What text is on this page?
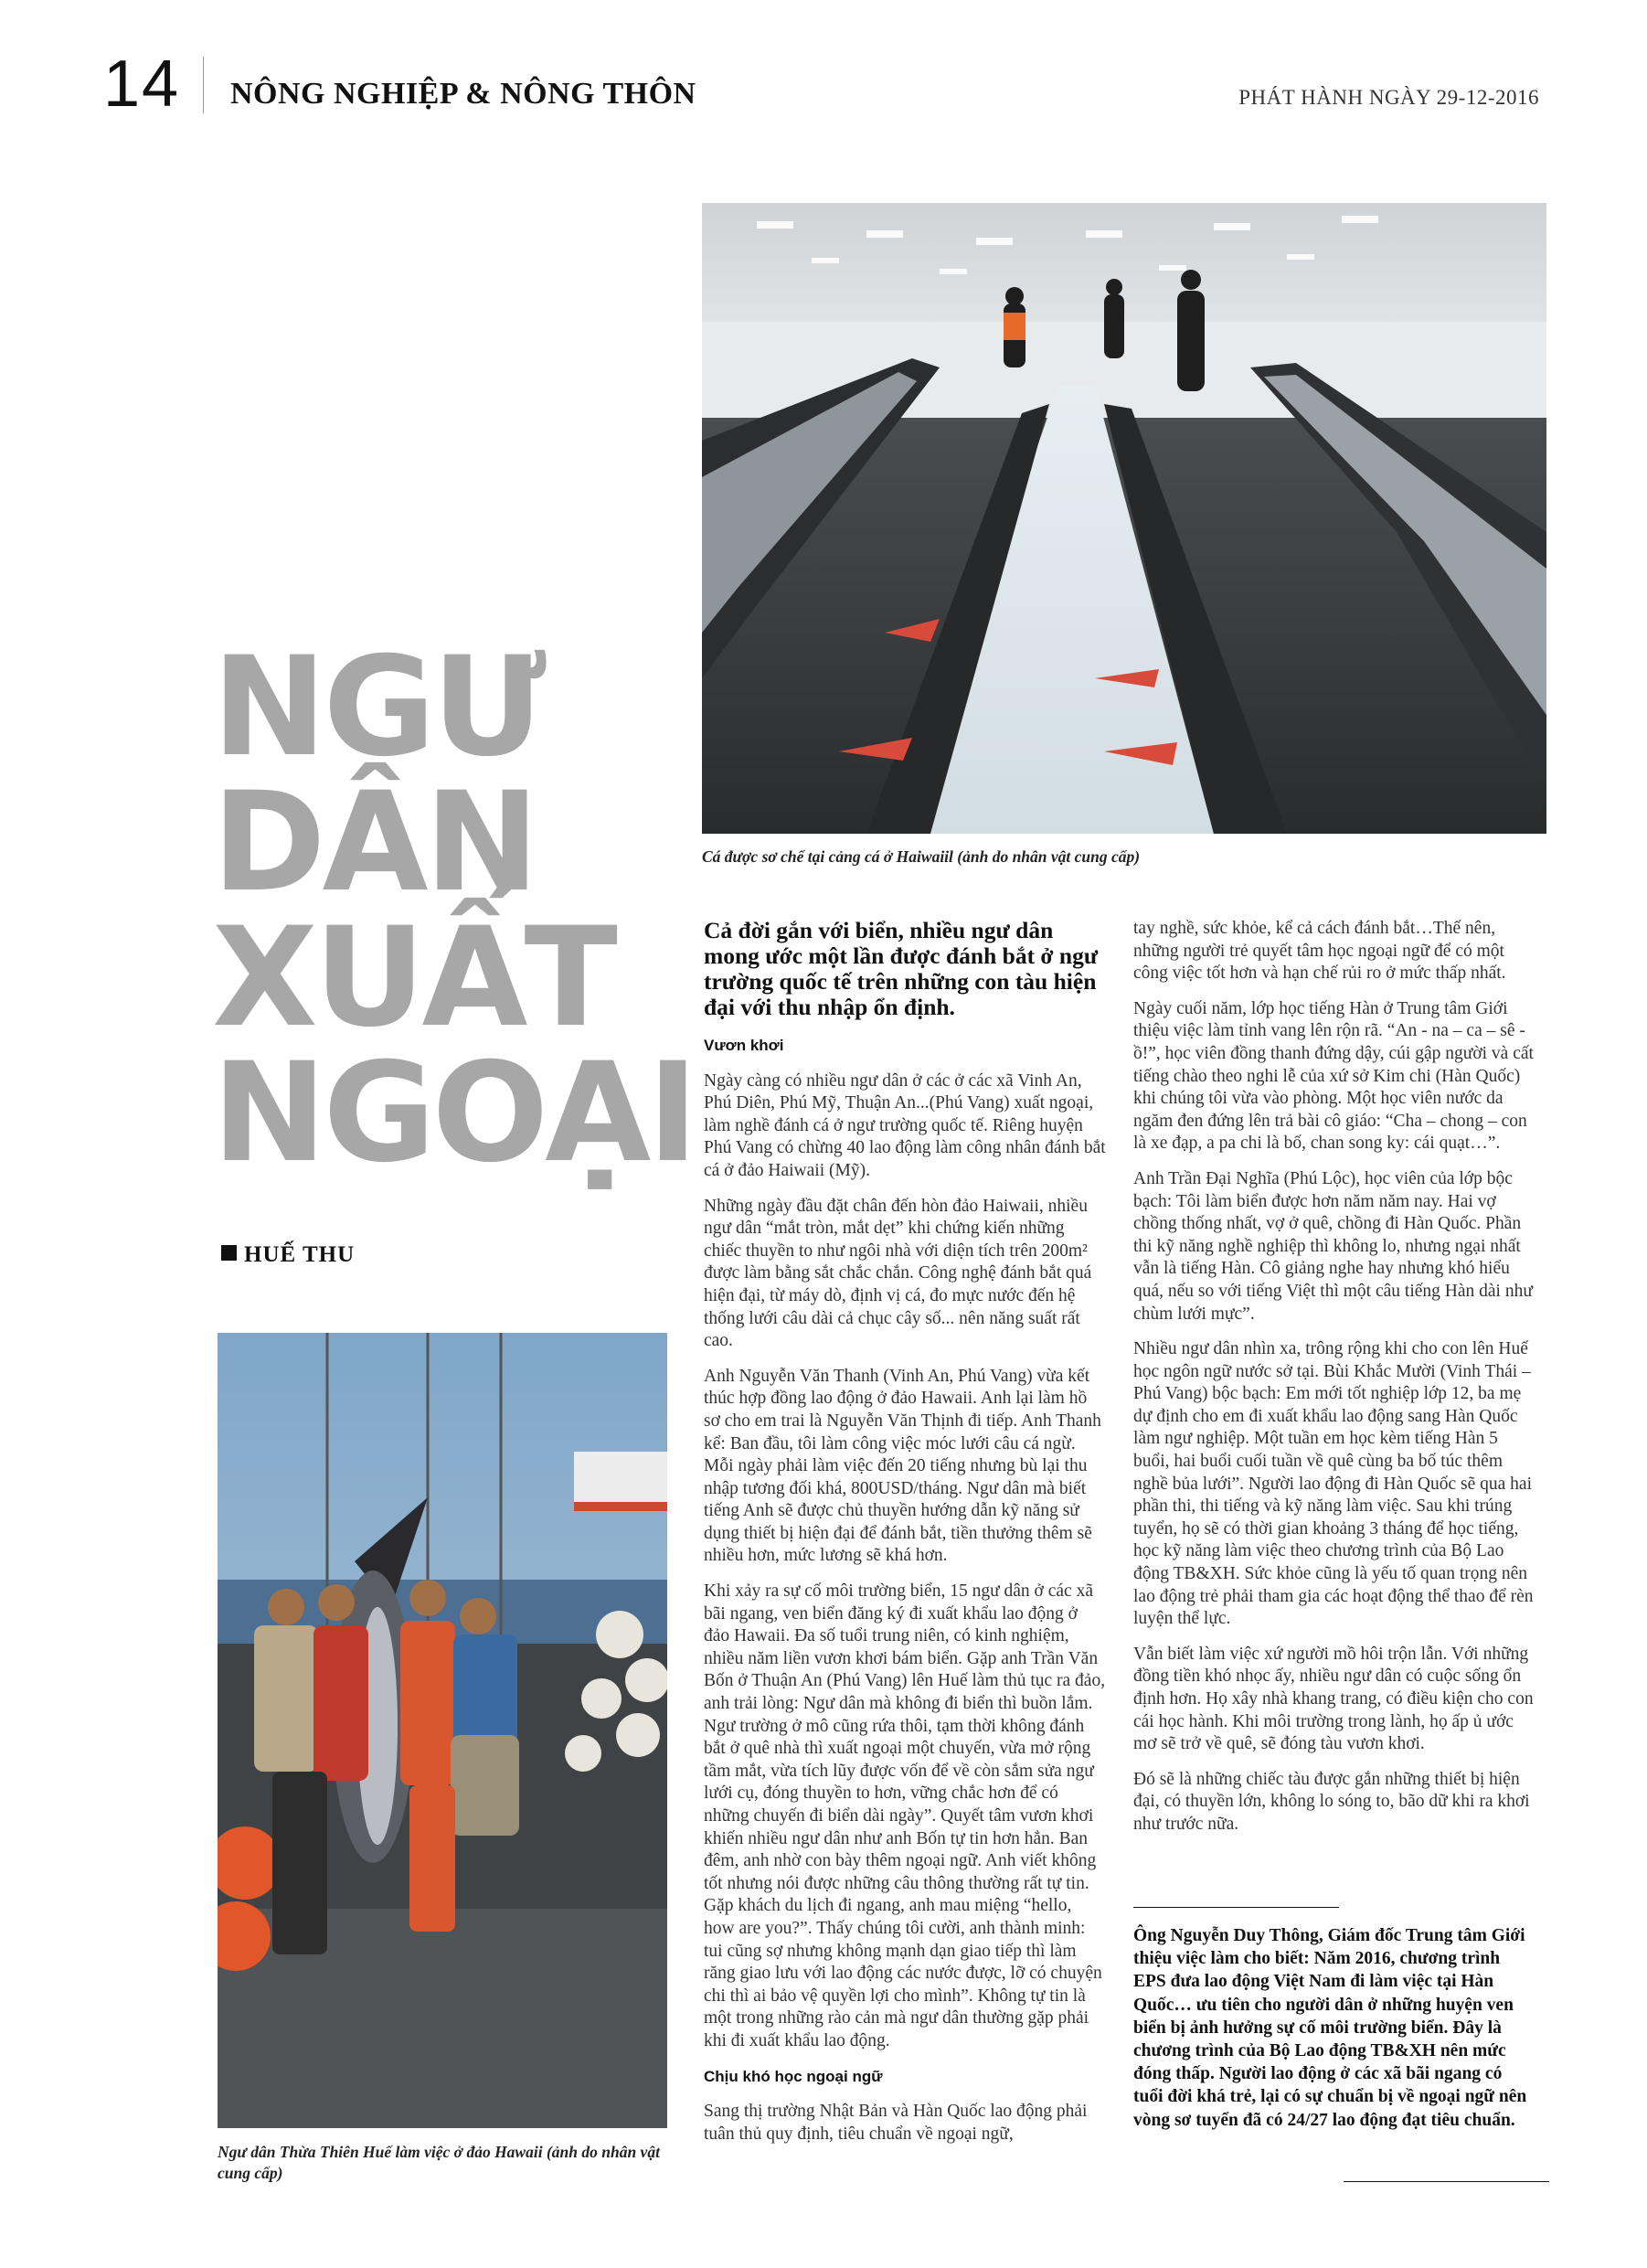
14 NÔNG NGHIỆP & NÔNG THÔN	PHÁT HÀNH NGÀY 29-12-2016
Cá được sơ chế tại cảng cá ở Haiwaiil (ảnh do nhân vật cung cấp)
NGƯ
DÂN
XUẤT
NGOẠI
HUẾ THU
Ngư dân Thừa Thiên Huế làm việc ở đảo Hawaii (ảnh do nhân vật cung cấp)

Cả đời gắn với biển, nhiều ngư dân mong ước một lần được đánh bắt ở ngư trường quốc tế trên những con tàu hiện đại với thu nhập ổn định.

Vươn khơi

Ngày càng có nhiều ngư dân ở các ở các xã Vinh An, Phú Diên, Phú Mỹ, Thuận An...(Phú Vang) xuất ngoại, làm nghề đánh cá ở ngư trường quốc tế. Riêng huyện Phú Vang có chừng 40 lao động làm công nhân đánh bắt cá ở đảo Haiwaii (Mỹ).

Những ngày đầu đặt chân đến hòn đảo Haiwaii, nhiều ngư dân “mắt tròn, mắt dẹt” khi chứng kiến những chiếc thuyền to như ngôi nhà với diện tích trên 200m² được làm bằng sắt chắc chắn. Công nghệ đánh bắt quá hiện đại, từ máy dò, định vị cá, đo mực nước đến hệ thống lưới câu dài cả chục cây số... nên năng suất rất cao.

Anh Nguyễn Văn Thanh (Vinh An, Phú Vang) vừa kết thúc hợp đồng lao động ở đảo Hawaii. Anh lại làm hồ sơ cho em trai là Nguyễn Văn Thịnh đi tiếp. Anh Thanh kể: Ban đầu, tôi làm công việc móc lưới câu cá ngừ. Mỗi ngày phải làm việc đến 20 tiếng nhưng bù lại thu nhập tương đối khá, 800USD/tháng. Ngư dân mà biết tiếng Anh sẽ được chủ thuyền hướng dẫn kỹ năng sử dụng thiết bị hiện đại để đánh bắt, tiền thưởng thêm sẽ nhiều hơn, mức lương sẽ khá hơn.

Khi xảy ra sự cố môi trường biển, 15 ngư dân ở các xã bãi ngang, ven biển đăng ký đi xuất khẩu lao động ở đảo Hawaii. Đa số tuổi trung niên, có kinh nghiệm, nhiều năm liền vươn khơi bám biển. Gặp anh Trần Văn Bốn ở Thuận An (Phú Vang) lên Huế làm thủ tục ra đảo, anh trải lòng: Ngư dân mà không đi biển thì buồn lắm. Ngư trường ở mô cũng rứa thôi, tạm thời không đánh bắt ở quê nhà thì xuất ngoại một chuyến, vừa mở rộng tầm mắt, vừa tích lũy được vốn để về còn sắm sửa ngư lưới cụ, đóng thuyền to hơn, vững chắc hơn để có những chuyến đi biển dài ngày”. Quyết tâm vươn khơi khiến nhiều ngư dân như anh Bốn tự tin hơn hẳn. Ban đêm, anh nhờ con bày thêm ngoại ngữ. Anh viết không tốt nhưng nói được những câu thông thường rất tự tin. Gặp khách du lịch đi ngang, anh mau miệng “hello, how are you?”. Thấy chúng tôi cười, anh thành minh: tui cũng sợ nhưng không mạnh dạn giao tiếp thì làm răng giao lưu với lao động các nước được, lỡ có chuyện chi thì ai bảo vệ quyền lợi cho mình”. Không tự tin là một trong những rào cản mà ngư dân thường gặp phải khi đi xuất khẩu lao động.

Chịu khó học ngoại ngữ

Sang thị trường Nhật Bản và Hàn Quốc lao động phải tuân thủ quy định, tiêu chuẩn về ngoại ngữ,

tay nghề, sức khỏe, kể cả cách đánh bắt…Thế nên, những người trẻ quyết tâm học ngoại ngữ để có một công việc tốt hơn và hạn chế rủi ro ở mức thấp nhất.

Ngày cuối năm, lớp học tiếng Hàn ở Trung tâm Giới thiệu việc làm tỉnh vang lên rộn rã. “An - na – ca – sê - ồ!”, học viên đồng thanh đứng dậy, cúi gập người và cất tiếng chào theo nghi lễ của xứ sở Kim chi (Hàn Quốc) khi chúng tôi vừa vào phòng. Một học viên nước da ngăm đen đứng lên trả bài cô giáo: “Cha – chong – con là xe đạp, a pa chi là bố, chan song ky: cái quạt…”.

Anh Trần Đại Nghĩa (Phú Lộc), học viên của lớp bộc bạch: Tôi làm biển được hơn năm năm nay. Hai vợ chồng thống nhất, vợ ở quê, chồng đi Hàn Quốc. Phần thi kỹ năng nghề nghiệp thì không lo, nhưng ngại nhất vẫn là tiếng Hàn. Cô giảng nghe hay nhưng khó hiểu quá, nếu so với tiếng Việt thì một câu tiếng Hàn dài như chùm lưới mực”.

Nhiều ngư dân nhìn xa, trông rộng khi cho con lên Huế học ngôn ngữ nước sở tại. Bùi Khắc Mười (Vinh Thái – Phú Vang) bộc bạch: Em mới tốt nghiệp lớp 12, ba mẹ dự định cho em đi xuất khẩu lao động sang Hàn Quốc làm ngư nghiệp. Một tuần em học kèm tiếng Hàn 5 buổi, hai buổi cuối tuần về quê cùng ba bố túc thêm nghề bủa lưới”. Người lao động đi Hàn Quốc sẽ qua hai phần thi, thi tiếng và kỹ năng làm việc. Sau khi trúng tuyển, họ sẽ có thời gian khoảng 3 tháng để học tiếng, học kỹ năng làm việc theo chương trình của Bộ Lao động TB&XH. Sức khỏe cũng là yếu tố quan trọng nên lao động trẻ phải tham gia các hoạt động thể thao để rèn luyện thể lực.

Vẫn biết làm việc xứ người mồ hôi trộn lẫn. Với những đồng tiền khó nhọc ấy, nhiều ngư dân có cuộc sống ổn định hơn. Họ xây nhà khang trang, có điều kiện cho con cái học hành. Khi môi trường trong lành, họ ấp ủ ước mơ sẽ trở về quê, sẽ đóng tàu vươn khơi.

Đó sẽ là những chiếc tàu được gắn những thiết bị hiện đại, có thuyền lớn, không lo sóng to, bão dữ khi ra khơi như trước nữa.

Ông Nguyễn Duy Thông, Giám đốc Trung tâm Giới thiệu việc làm cho biết: Năm 2016, chương trình EPS đưa lao động Việt Nam đi làm việc tại Hàn Quốc… ưu tiên cho người dân ở những huyện ven biển bị ảnh hưởng sự cố môi trường biển. Đây là chương trình của Bộ Lao động TB&XH nên mức đóng thấp. Người lao động ở các xã bãi ngang có tuổi đời khá trẻ, lại có sự chuẩn bị về ngoại ngữ nên vòng sơ tuyển đã có 24/27 lao động đạt tiêu chuẩn.
